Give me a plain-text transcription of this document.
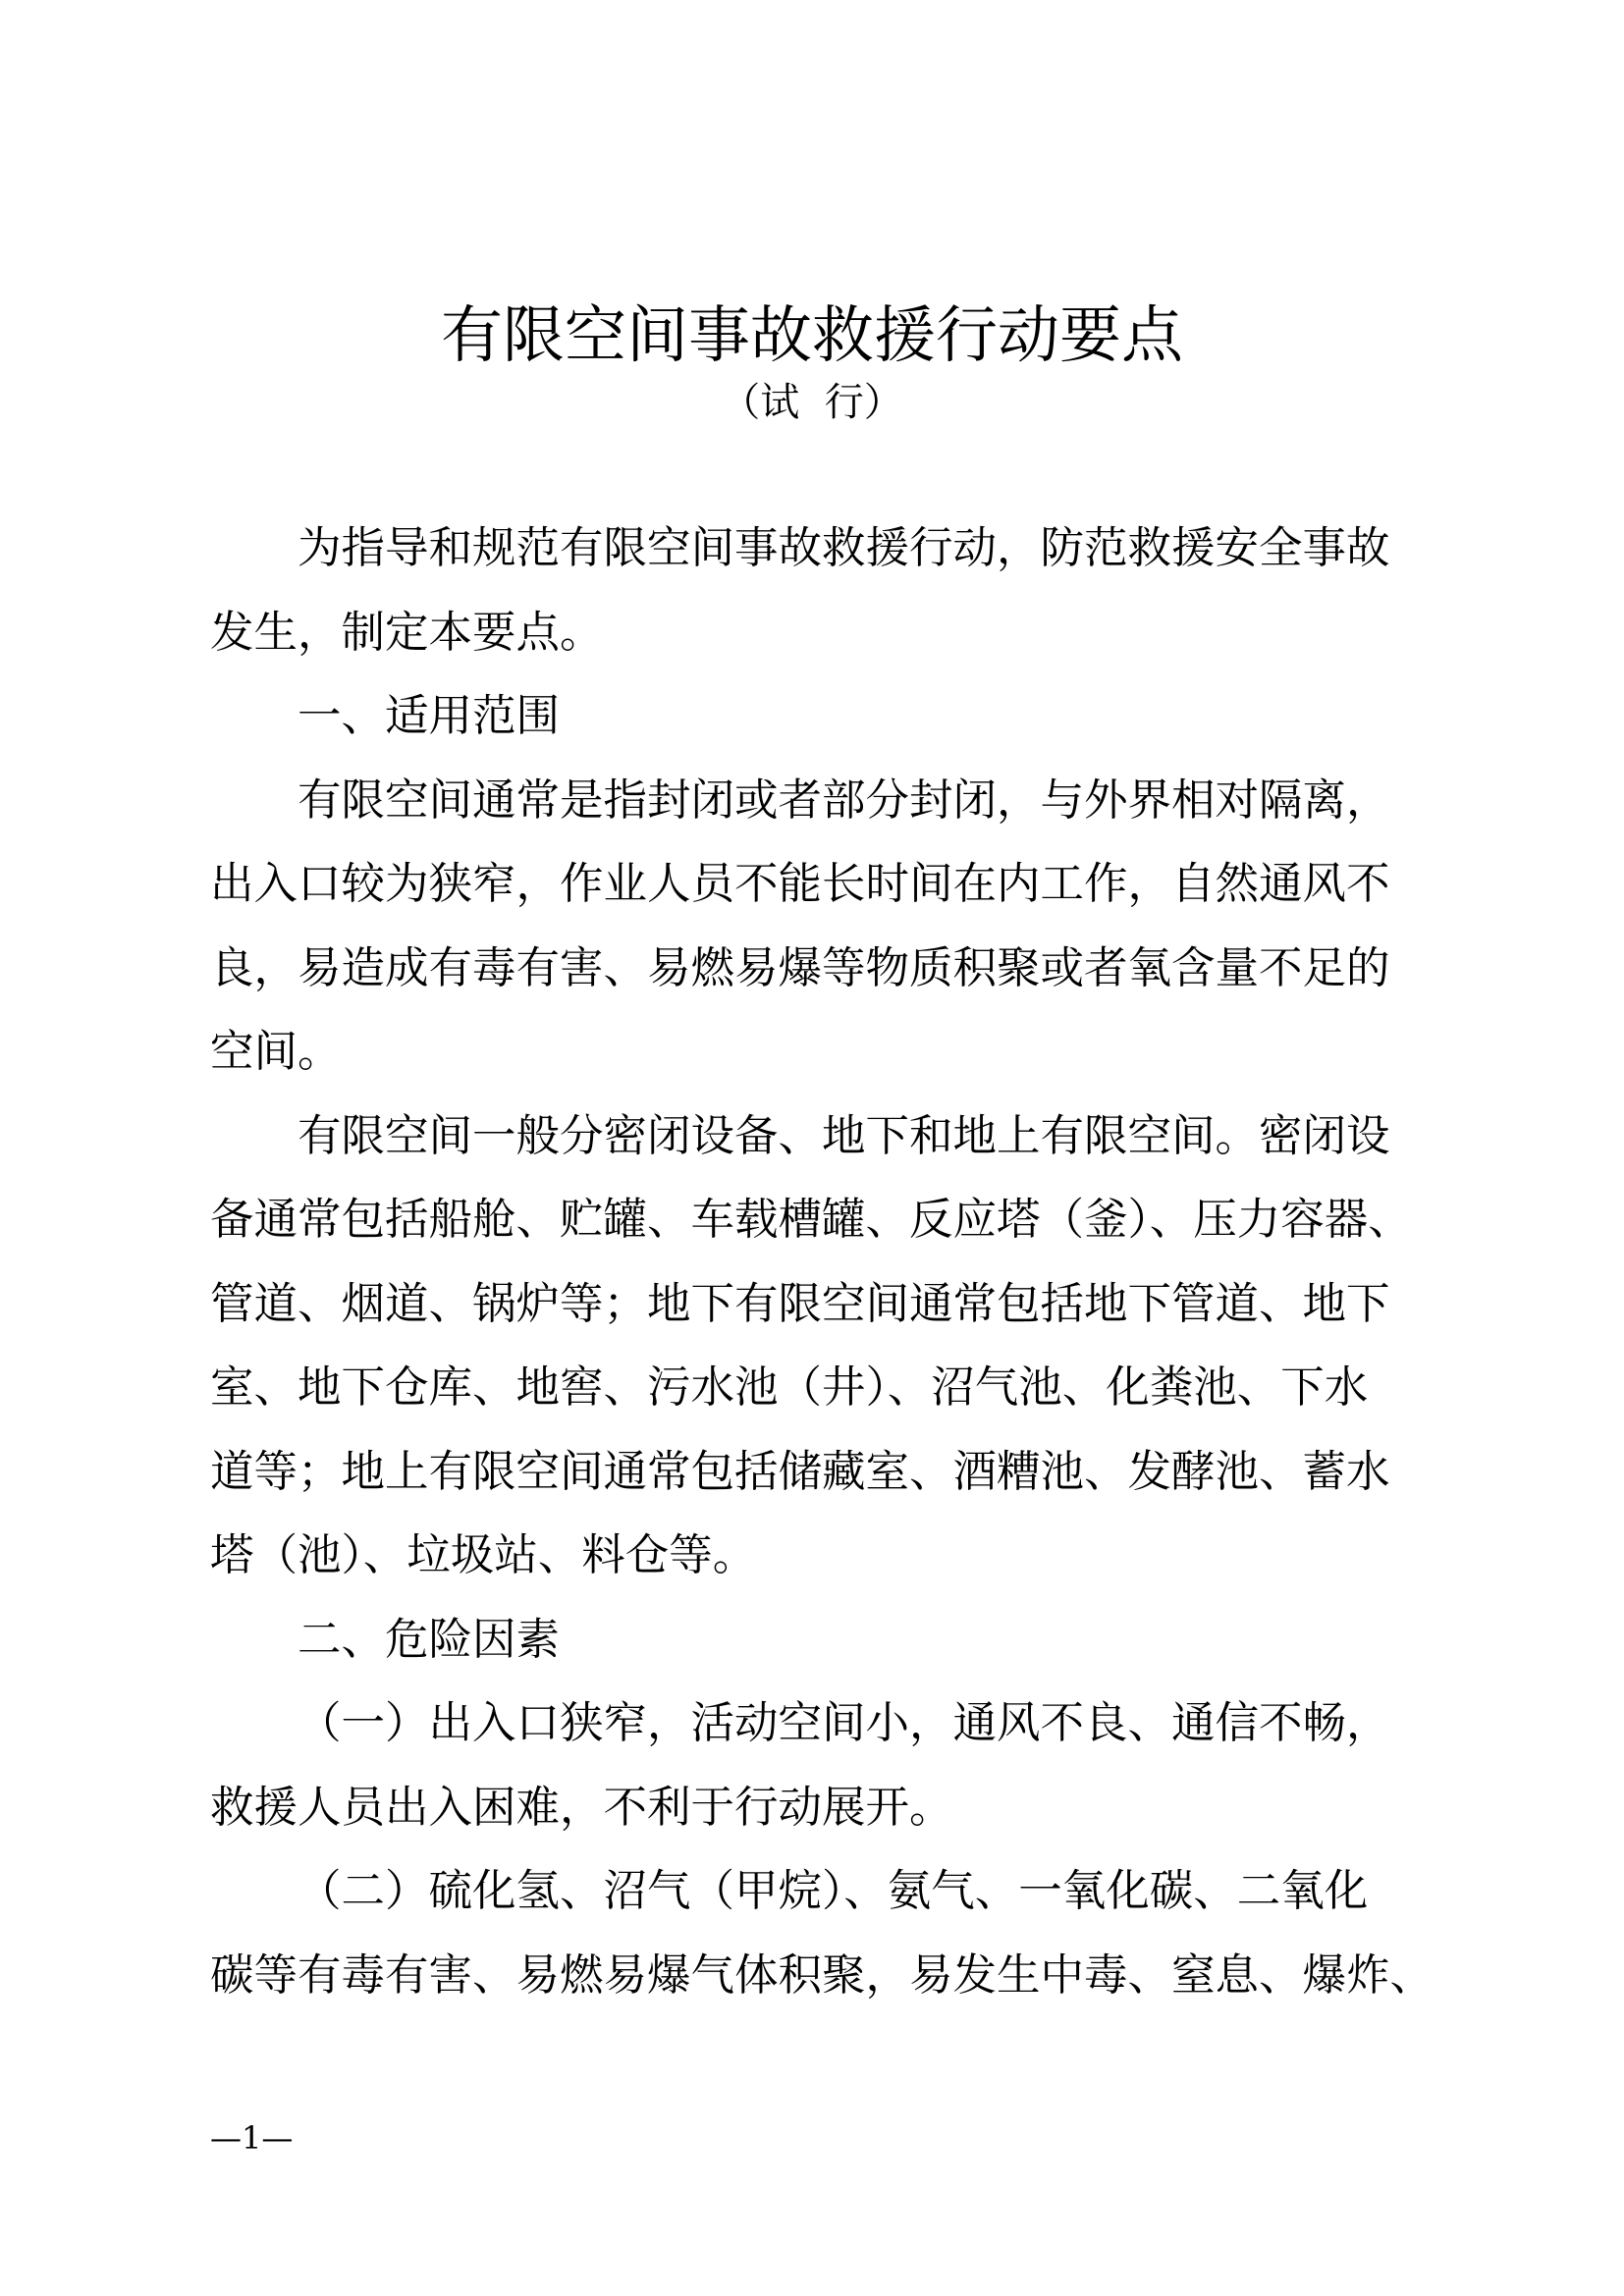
有限空间事故救援行动要点
（试  行）
为指导和规范有限空间事故救援行动，防范救援安全事故
发生，制定本要点。
一、适用范围
有限空间通常是指封闭或者部分封闭，与外界相对隔离，
出入口较为狭窄，作业人员不能长时间在内工作，自然通风不
良，易造成有毒有害、易燃易爆等物质积聚或者氧含量不足的
空间。
有限空间一般分密闭设备、地下和地上有限空间。密闭设
备通常包括船舱、贮罐、车载槽罐、反应塔（釜）、压力容器、
管道、烟道、锅炉等；地下有限空间通常包括地下管道、地下
室、地下仓库、地窖、污水池（井）、沼气池、化粪池、下水
道等；地上有限空间通常包括储藏室、酒糟池、发酵池、蓄水
塔（池）、垃圾站、料仓等。
二、危险因素
（一）出入口狭窄，活动空间小，通风不良、通信不畅，
救援人员出入困难，不利于行动展开。
（二）硫化氢、沼气（甲烷）、氨气、一氧化碳、二氧化
碳等有毒有害、易燃易爆气体积聚，易发生中毒、窒息、爆炸、
—1—
